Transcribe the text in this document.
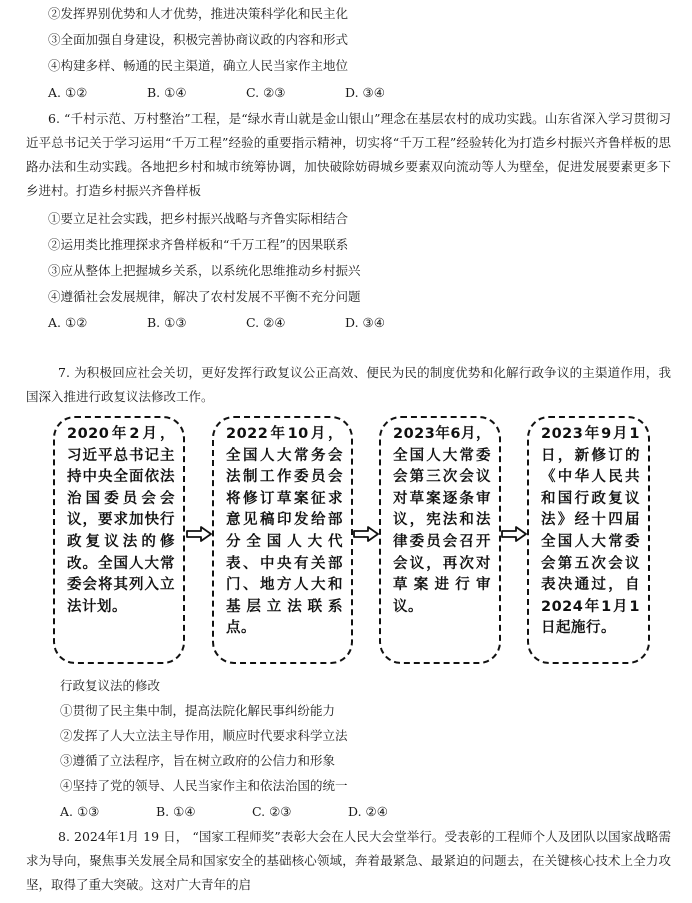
②发挥界别优势和人才优势，推进决策科学化和民主化
③全面加强自身建设，积极完善协商议政的内容和形式
④构建多样、畅通的民主渠道，确立人民当家作主地位
A. ①②	B. ①④	C. ②③	D. ③④
6. “千村示范、万村整治”工程，是“绿水青山就是金山银山”理念在基层农村的成功实践。山东省深入学习贯彻习近平总书记关于学习运用“千万工程”经验的重要指示精神，切实将“千万工程”经验转化为打造乡村振兴齐鲁样板的思路办法和生动实践。各地把乡村和城市统筹协调，加快破除妨碍城乡要素双向流动等人为壁垒，促进发展要素更多下乡进村。打造乡村振兴齐鲁样板
①要立足社会实践，把乡村振兴战略与齐鲁实际相结合
②运用类比推理探求齐鲁样板和“千万工程”的因果联系
③应从整体上把握城乡关系，以系统化思维推动乡村振兴
④遵循社会发展规律，解决了农村发展不平衡不充分问题
A. ①②	B. ①③	C. ②④	D. ③④
7. 为积极回应社会关切，更好发挥行政复议公正高效、便民为民的制度优势和化解行政争议的主渠道作用，我国深入推进行政复议法修改工作。
2020年2月，习近平总书记主持中央全面依法治国委员会会议，要求加快行政复议法的修改。全国人大常委会将其列入立法计划。
2022年10月，全国人大常务会法制工作委员会将修订草案征求意见稿印发给部分全国人大代表、中央有关部门、地方人大和基层立法联系点。
2023年6月，全国人大常委会第三次会议对草案逐条审议，宪法和法律委员会召开会议，再次对草案进行审议。
2023年9月1日，新修订的《中华人民共和国行政复议法》经十四届全国人大常委会第五次会议表决通过，自2024年1月1日起施行。
行政复议法的修改
①贯彻了民主集中制，提高法院化解民事纠纷能力
②发挥了人大立法主导作用，顺应时代要求科学立法
③遵循了立法程序，旨在树立政府的公信力和形象
④坚持了党的领导、人民当家作主和依法治国的统一
A. ①③	B. ①④	C. ②③	D. ②④
8. 2024年1月 19 日， “国家工程师奖”表彰大会在人民大会堂举行。受表彰的工程师个人及团队以国家战略需求为导向，聚焦事关发展全局和国家安全的基础核心领域，奔着最紧急、最紧迫的问题去，在关键核心技术上全力攻坚，取得了重大突破。这对广大青年的启
